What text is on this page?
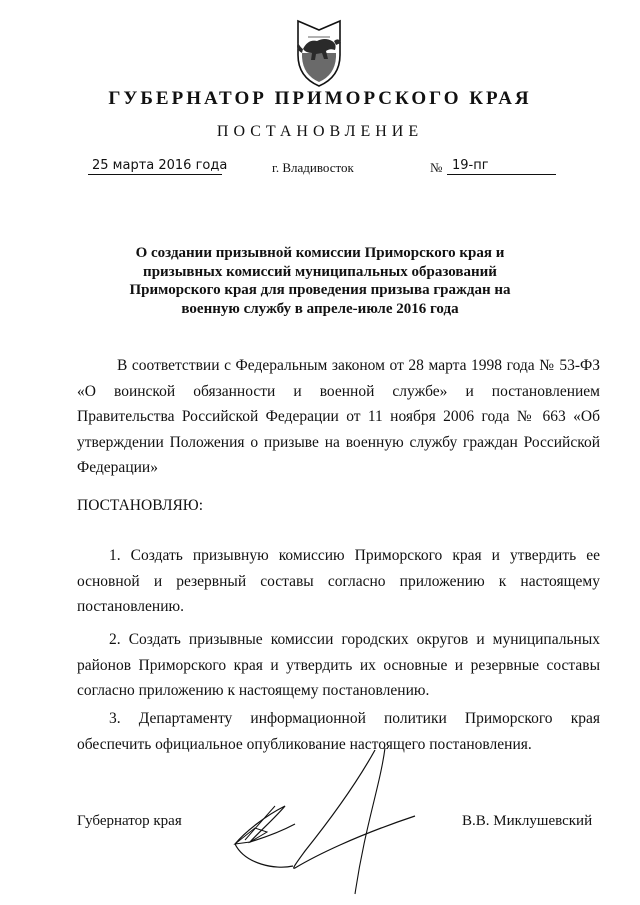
ГУБЕРНАТОР ПРИМОРСКОГО КРАЯ
ПОСТАНОВЛЕНИЕ
25 марта 2016 года	г. Владивосток	№ 19-пг
О создании призывной комиссии Приморского края и призывных комиссий муниципальных образований Приморского края для проведения призыва граждан на военную службу в апреле-июле 2016 года
В соответствии с Федеральным законом от 28 марта 1998 года № 53-ФЗ «О воинской обязанности и военной службе» и постановлением Правительства Российской Федерации от 11 ноября 2006 года № 663 «Об утверждении Положения о призыве на военную службу граждан Российской Федерации»
ПОСТАНОВЛЯЮ:
1. Создать призывную комиссию Приморского края и утвердить ее основной и резервный составы согласно приложению к настоящему постановлению.
2. Создать призывные комиссии городских округов и муниципальных районов Приморского края и утвердить их основные и резервные составы согласно приложению к настоящему постановлению.
3. Департаменту информационной политики Приморского края обеспечить официальное опубликование настоящего постановления.
Губернатор края	В.В. Миклушевский
